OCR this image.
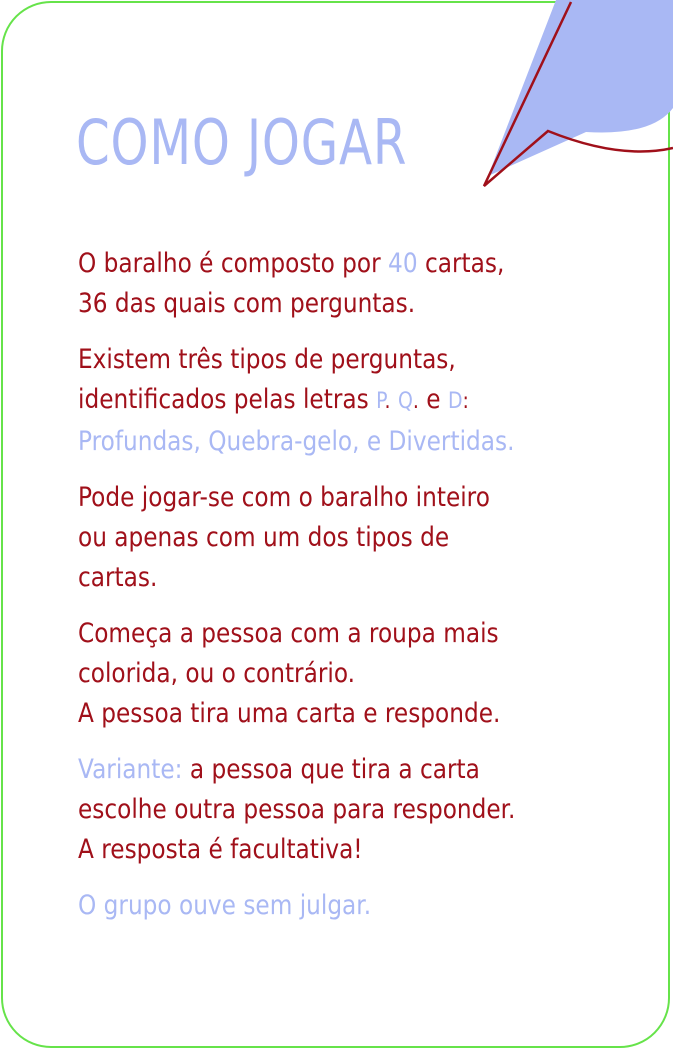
COMO JOGAR
O baralho é composto por 40 cartas,
36 das quais com perguntas.
Existem três tipos de perguntas,
identificados pelas letras P. Q. e D:
Profundas, Quebra-gelo, e Divertidas.
Pode jogar-se com o baralho inteiro
ou apenas com um dos tipos de
cartas.
Começa a pessoa com a roupa mais
colorida, ou o contrário.
A pessoa tira uma carta e responde.
Variante: a pessoa que tira a carta
escolhe outra pessoa para responder.
A resposta é facultativa!
O grupo ouve sem julgar.
